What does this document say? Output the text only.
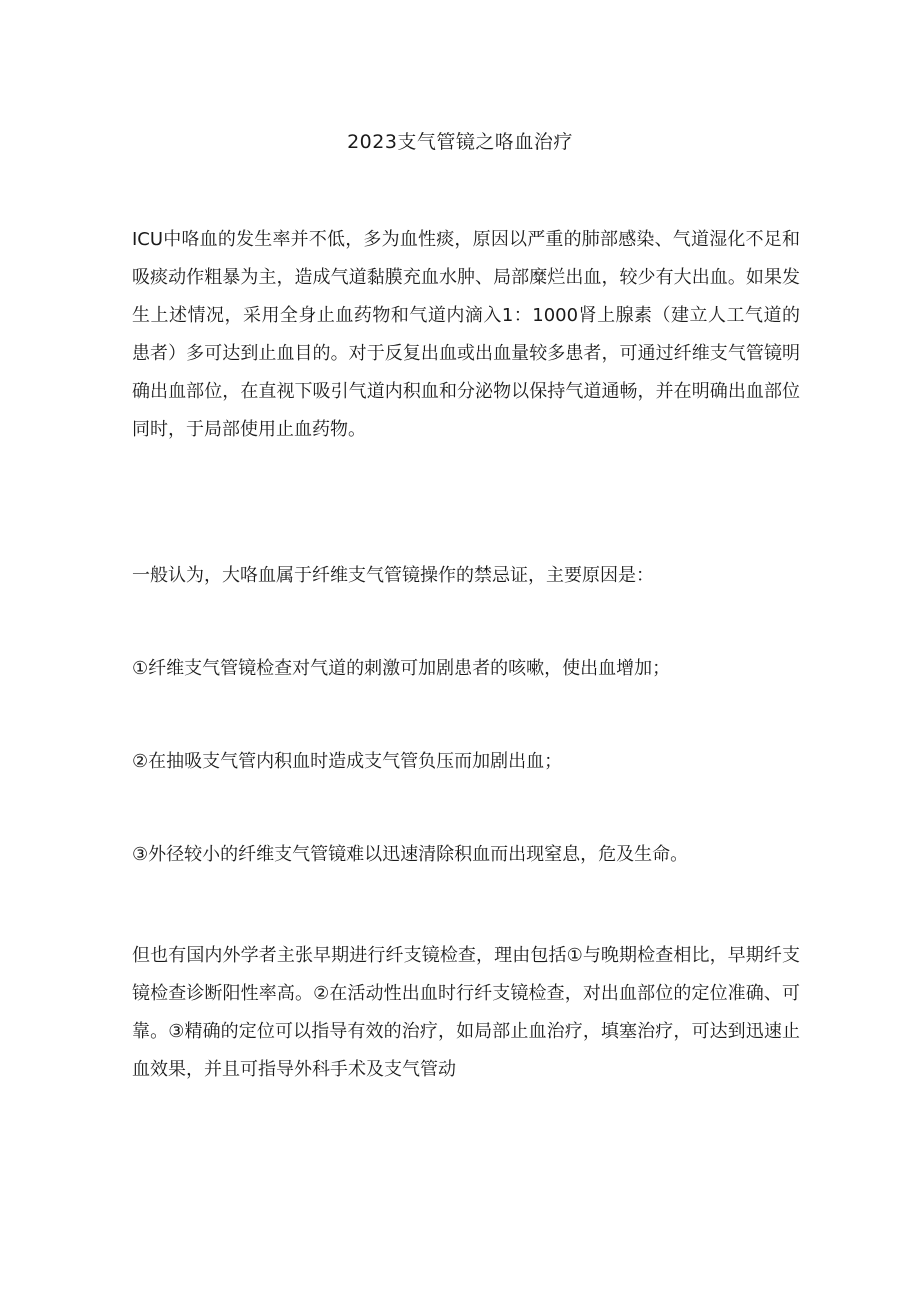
2023支气管镜之咯血治疗

ICU中咯血的发生率并不低，多为血性痰，原因以严重的肺部感染、气道湿化不足和吸痰动作粗暴为主，造成气道黏膜充血水肿、局部糜烂出血，较少有大出血。如果发生上述情况，采用全身止血药物和气道内滴入1：1000肾上腺素（建立人工气道的患者）多可达到止血目的。对于反复出血或出血量较多患者，可通过纤维支气管镜明确出血部位，在直视下吸引气道内积血和分泌物以保持气道通畅，并在明确出血部位同时，于局部使用止血药物。

一般认为，大咯血属于纤维支气管镜操作的禁忌证，主要原因是：

①纤维支气管镜检查对气道的刺激可加剧患者的咳嗽，使出血增加；

②在抽吸支气管内积血时造成支气管负压而加剧出血；

③外径较小的纤维支气管镜难以迅速清除积血而出现窒息，危及生命。

但也有国内外学者主张早期进行纤支镜检查，理由包括①与晚期检查相比，早期纤支镜检查诊断阳性率高。②在活动性出血时行纤支镜检查，对出血部位的定位准确、可靠。③精确的定位可以指导有效的治疗，如局部止血治疗，填塞治疗，可达到迅速止血效果，并且可指导外科手术及支气管动
